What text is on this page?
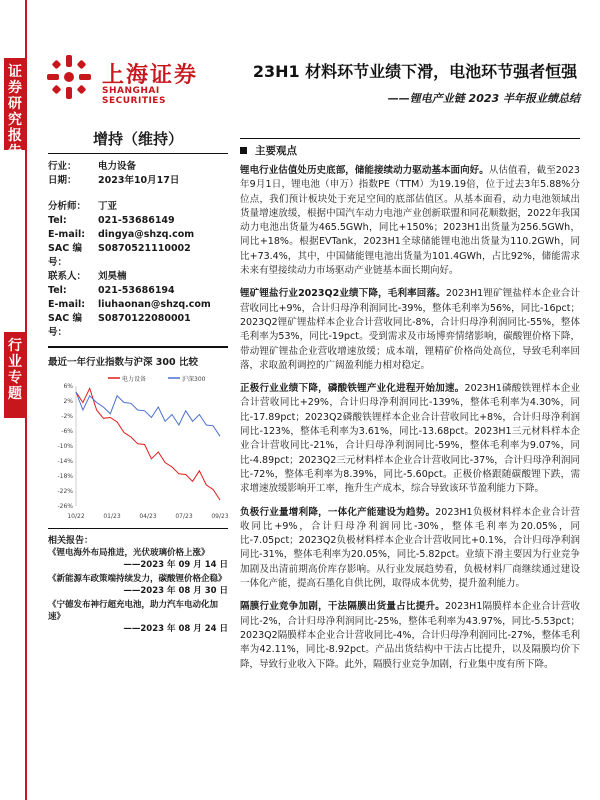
证券研究报告
行业专题
上海证券
SHANGHAI SECURITIES
23H1 材料环节业绩下滑，电池环节强者恒强
——锂电产业链 2023 半年报业绩总结
增持（维持）
行业：	电力设备
日期：	2023年10月17日
分析师：	丁亚
Tel:	021-53686149
E-mail:	dingya@shzq.com
SAC 编号：
S0870521110002
联系人：	刘昊楠
Tel:	021-53686194
E-mail:	liuhaonan@shzq.com
SAC 编号：
S0870122080001
最近一年行业指数与沪深 300 比较
电力设备	沪深300
6%
2%
-2%
-6%
-10%
-14%
-18%
-22%
-26%
10/22	01/23	04/23	07/23	09/23
相关报告：
《锂电海外布局推进，光伏玻璃价格上涨》
——2023 年 09 月 14 日
《新能源车政策端持续发力，碳酸锂价格企稳》
——2023 年 08 月 30 日
《宁德发布神行超充电池，助力汽车电动化加速》
——2023 年 08 月 24 日
主要观点
锂电行业估值处历史底部，储能接续动力驱动基本面向好。从估值看，截至2023年9月1日，锂电池（申万）指数PE（TTM）为19.19倍，位于过去3年5.88%分位点，我们预计板块处于充足空间的底部估值区。从基本面看，动力电池领域出货量增速放缓，根据中国汽车动力电池产业创新联盟和同花顺数据，2022年我国动力电池出货量为465.5GWh，同比+150%；2023H1出货量为256.5GWh，同比+18%。根据EVTank，2023H1全球储能锂电池出货量为110.2GWh，同比+73.4%，其中，中国储能锂电池出货量为101.4GWh，占比92%，储能需求未来有望接续动力市场驱动产业链基本面长期向好。
锂矿锂盐行业2023Q2业绩下降，毛利率回落。2023H1锂矿锂盐样本企业合计营收同比+9%，合计归母净利润同比-39%，整体毛利率为56%，同比-16pct；2023Q2锂矿锂盐样本企业合计营收同比-8%，合计归母净利润同比-55%，整体毛利率为53%，同比-19pct。受到需求及市场博弈情绪影响，碳酸锂价格下降，带动锂矿锂盐企业营收增速放缓；成本端，锂精矿价格尚处高位，导致毛利率回落，求取盈利调控的广阔盈利能力相对稳定。
正极行业业绩下降，磷酸铁锂产业化进程开始加速。2023H1磷酸铁锂样本企业合计营收同比+29%，合计归母净利润同比-139%，整体毛利率为4.30%，同比-17.89pct；2023Q2磷酸铁锂样本企业合计营收同比+8%，合计归母净利润同比-123%，整体毛利率为3.61%，同比-13.68pct。2023H1三元材料样本企业合计营收同比-21%，合计归母净利润同比-59%，整体毛利率为9.07%，同比-4.89pct；2023Q2三元材料样本企业合计营收同比-37%，合计归母净利润同比-72%，整体毛利率为8.39%，同比-5.60pct。正极价格跟随碳酸锂下跌，需求增速放缓影响开工率，拖升生产成本，综合导致该环节盈利能力下降。
负极行业量增利降，一体化产能建设为趋势。2023H1负极材料样本企业合计营收同比+9%，合计归母净利润同比-30%，整体毛利率为20.05%，同比-7.05pct；2023Q2负极材料样本企业合计营收同比+0.1%，合计归母净利润同比-31%，整体毛利率为20.05%，同比-5.82pct。业绩下滑主要因为行业竞争加剧及出清前期高价库存影响。从行业发展趋势看，负极材料厂商继续通过建设一体化产能，提高石墨化自供比例，取得成本优势，提升盈利能力。
隔膜行业竞争加剧，干法隔膜出货量占比提升。2023H1隔膜样本企业合计营收同比-2%，合计归母净利润同比-25%，整体毛利率为43.97%，同比-5.53pct；2023Q2隔膜样本企业合计营收同比-4%，合计归母净利润同比-27%，整体毛利率为42.11%，同比-8.92pct。产品出货结构中干法占比提升，以及隔膜均价下降，导致行业收入下降。此外，隔膜行业竞争加剧，行业集中度有所下降。
